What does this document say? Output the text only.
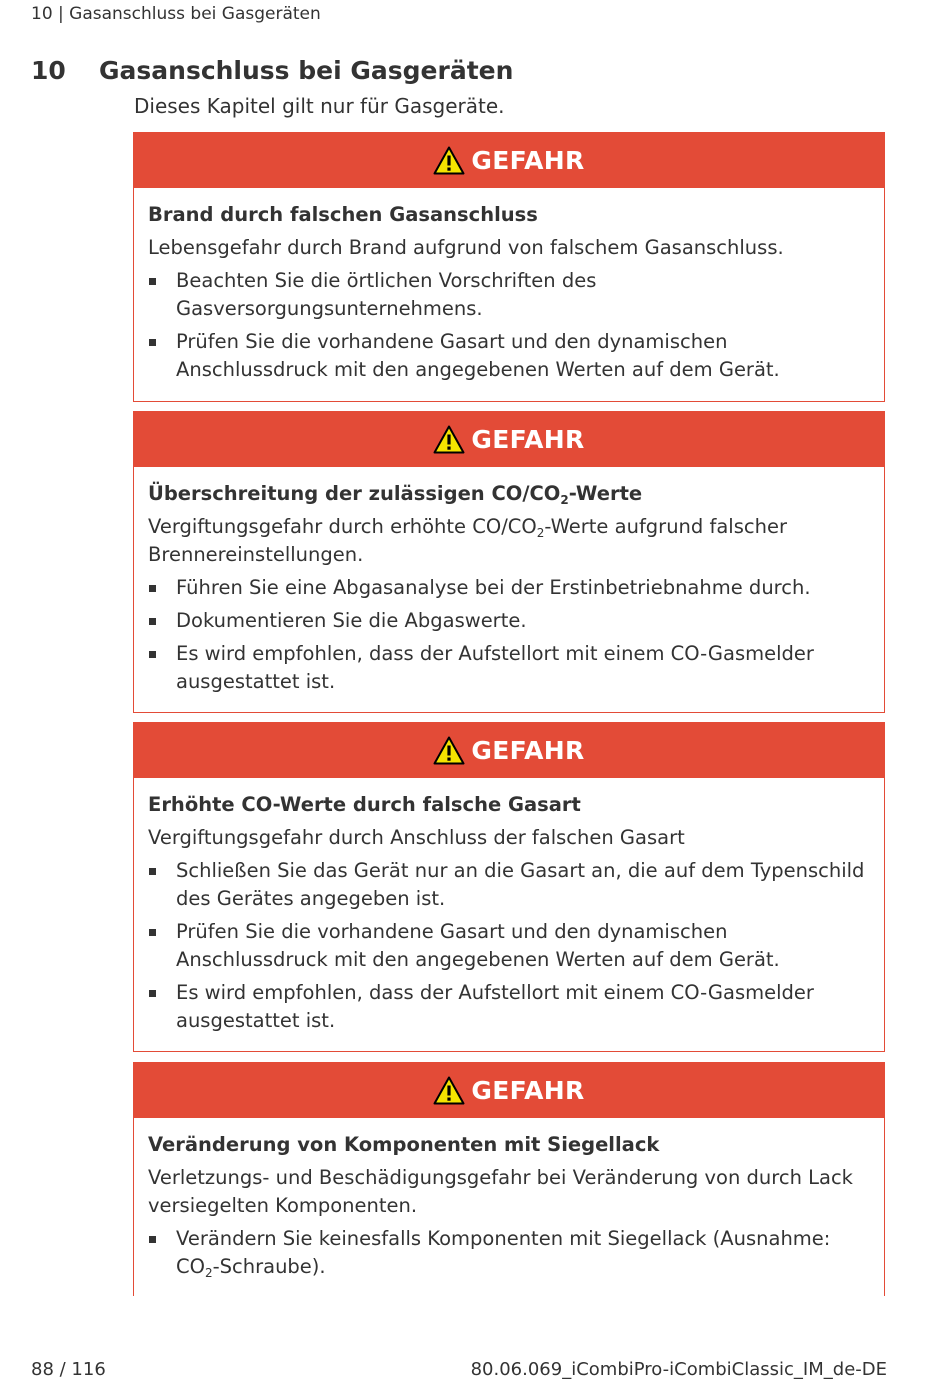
10 | Gasanschluss bei Gasgeräten
10 Gasanschluss bei Gasgeräten
Dieses Kapitel gilt nur für Gasgeräte.
GEFAHR
Brand durch falschen Gasanschluss
Lebensgefahr durch Brand aufgrund von falschem Gasanschluss.
Beachten Sie die örtlichen Vorschriften des Gasversorgungsunternehmens.
Prüfen Sie die vorhandene Gasart und den dynamischen Anschlussdruck mit den angegebenen Werten auf dem Gerät.
GEFAHR
Überschreitung der zulässigen $CO/CO_2$-Werte
Vergiftungsgefahr durch erhöhte $CO/CO_2$-Werte aufgrund falscher Brennereinstellungen.
Führen Sie eine Abgasanalyse bei der Erstinbetriebnahme durch.
Dokumentieren Sie die Abgaswerte.
Es wird empfohlen, dass der Aufstellort mit einem CO-Gasmelder ausgestattet ist.
GEFAHR
Erhöhte CO-Werte durch falsche Gasart
Vergiftungsgefahr durch Anschluss der falschen Gasart
Schließen Sie das Gerät nur an die Gasart an, die auf dem Typenschild des Gerätes angegeben ist.
Prüfen Sie die vorhandene Gasart und den dynamischen Anschlussdruck mit den angegebenen Werten auf dem Gerät.
Es wird empfohlen, dass der Aufstellort mit einem CO-Gasmelder ausgestattet ist.
GEFAHR
Veränderung von Komponenten mit Siegellack
Verletzungs- und Beschädigungsgefahr bei Veränderung von durch Lack versiegelten Komponenten.
Verändern Sie keinesfalls Komponenten mit Siegellack (Ausnahme: $CO_2-Schraube$).
88 / 116	80.06.069_iCombiPro-iCombiClassic_IM_de-DE
